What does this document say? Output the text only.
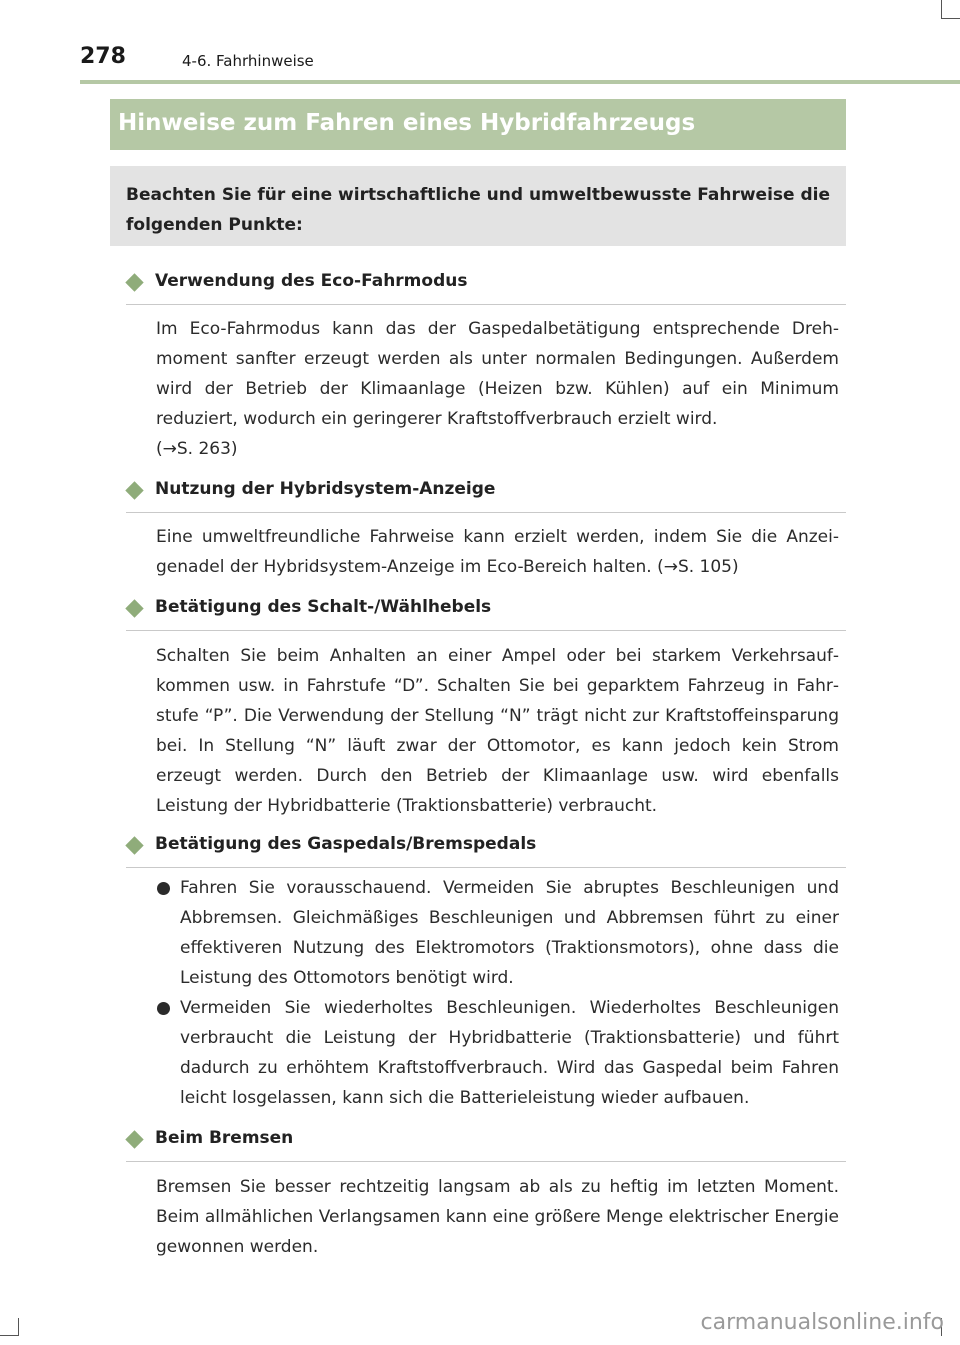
278	4-6. Fahrhinweise
Hinweise zum Fahren eines Hybridfahrzeugs
Beachten Sie für eine wirtschaftliche und umweltbewusste Fahrweise die folgenden Punkte:
Verwendung des Eco-Fahrmodus
Im Eco-Fahrmodus kann das der Gaspedalbetätigung entsprechende Drehmoment sanfter erzeugt werden als unter normalen Bedingungen. Außerdem wird der Betrieb der Klimaanlage (Heizen bzw. Kühlen) auf ein Minimum reduziert, wodurch ein geringerer Kraftstoffverbrauch erzielt wird.
(→S. 263)
Nutzung der Hybridsystem-Anzeige
Eine umweltfreundliche Fahrweise kann erzielt werden, indem Sie die Anzeigenadel der Hybridsystem-Anzeige im Eco-Bereich halten. (→S. 105)
Betätigung des Schalt-/Wählhebels
Schalten Sie beim Anhalten an einer Ampel oder bei starkem Verkehrsaufkommen usw. in Fahrstufe “D”. Schalten Sie bei geparktem Fahrzeug in Fahrstufe “P”. Die Verwendung der Stellung “N” trägt nicht zur Kraftstoffeinsparung bei. In Stellung “N” läuft zwar der Ottomotor, es kann jedoch kein Strom erzeugt werden. Durch den Betrieb der Klimaanlage usw. wird ebenfalls Leistung der Hybridbatterie (Traktionsbatterie) verbraucht.
Betätigung des Gaspedals/Bremspedals
Fahren Sie vorausschauend. Vermeiden Sie abruptes Beschleunigen und Abbremsen. Gleichmäßiges Beschleunigen und Abbremsen führt zu einer effektiveren Nutzung des Elektromotors (Traktionsmotors), ohne dass die Leistung des Ottomotors benötigt wird.
Vermeiden Sie wiederholtes Beschleunigen. Wiederholtes Beschleunigen verbraucht die Leistung der Hybridbatterie (Traktionsbatterie) und führt dadurch zu erhöhtem Kraftstoffverbrauch. Wird das Gaspedal beim Fahren leicht losgelassen, kann sich die Batterieleistung wieder aufbauen.
Beim Bremsen
Bremsen Sie besser rechtzeitig langsam ab als zu heftig im letzten Moment. Beim allmählichen Verlangsamen kann eine größere Menge elektrischer Energie gewonnen werden.
carmanualsonline.info
